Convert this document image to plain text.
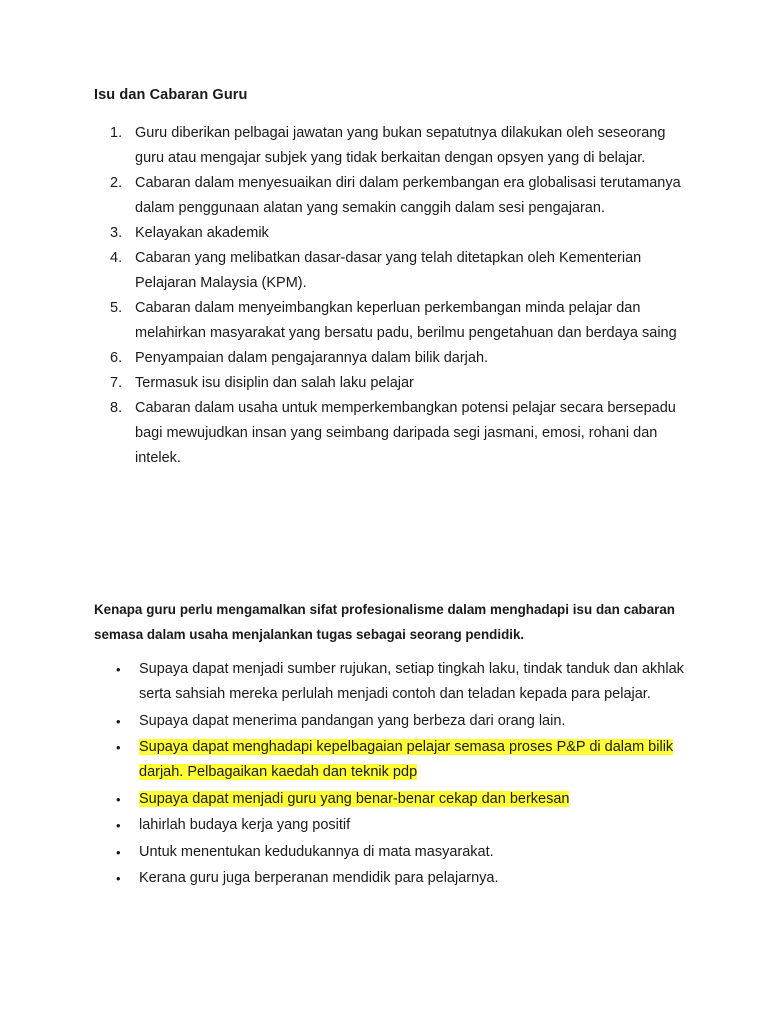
Isu dan Cabaran Guru
1. Guru diberikan pelbagai jawatan yang bukan sepatutnya dilakukan oleh seseorang guru atau mengajar subjek yang tidak berkaitan dengan opsyen yang di belajar.
2. Cabaran dalam menyesuaikan diri dalam perkembangan era globalisasi terutamanya dalam penggunaan alatan yang semakin canggih dalam sesi pengajaran.
3. Kelayakan akademik
4. Cabaran yang melibatkan dasar-dasar yang telah ditetapkan oleh Kementerian Pelajaran Malaysia (KPM).
5. Cabaran dalam menyeimbangkan keperluan perkembangan minda pelajar dan melahirkan masyarakat yang bersatu padu, berilmu pengetahuan dan berdaya saing
6. Penyampaian dalam pengajarannya dalam bilik darjah.
7. Termasuk isu disiplin dan salah laku pelajar
8. Cabaran dalam usaha untuk memperkembangkan potensi pelajar secara bersepadu bagi mewujudkan insan yang seimbang daripada segi jasmani, emosi, rohani dan intelek.

Kenapa guru perlu mengamalkan sifat profesionalisme dalam menghadapi isu dan cabaran semasa dalam usaha menjalankan tugas sebagai seorang pendidik.

• Supaya dapat menjadi sumber rujukan, setiap tingkah laku, tindak tanduk dan akhlak serta sahsiah mereka perlulah menjadi contoh dan teladan kepada para pelajar.
• Supaya dapat menerima pandangan yang berbeza dari orang lain.
• Supaya dapat menghadapi kepelbagaian pelajar semasa proses P&P di dalam bilik darjah. Pelbagaikan kaedah dan teknik pdp
• Supaya dapat menjadi guru yang benar-benar cekap dan berkesan
• lahirlah budaya kerja yang positif
• Untuk menentukan kedudukannya di mata masyarakat.
• Kerana guru juga berperanan mendidik para pelajarnya.
